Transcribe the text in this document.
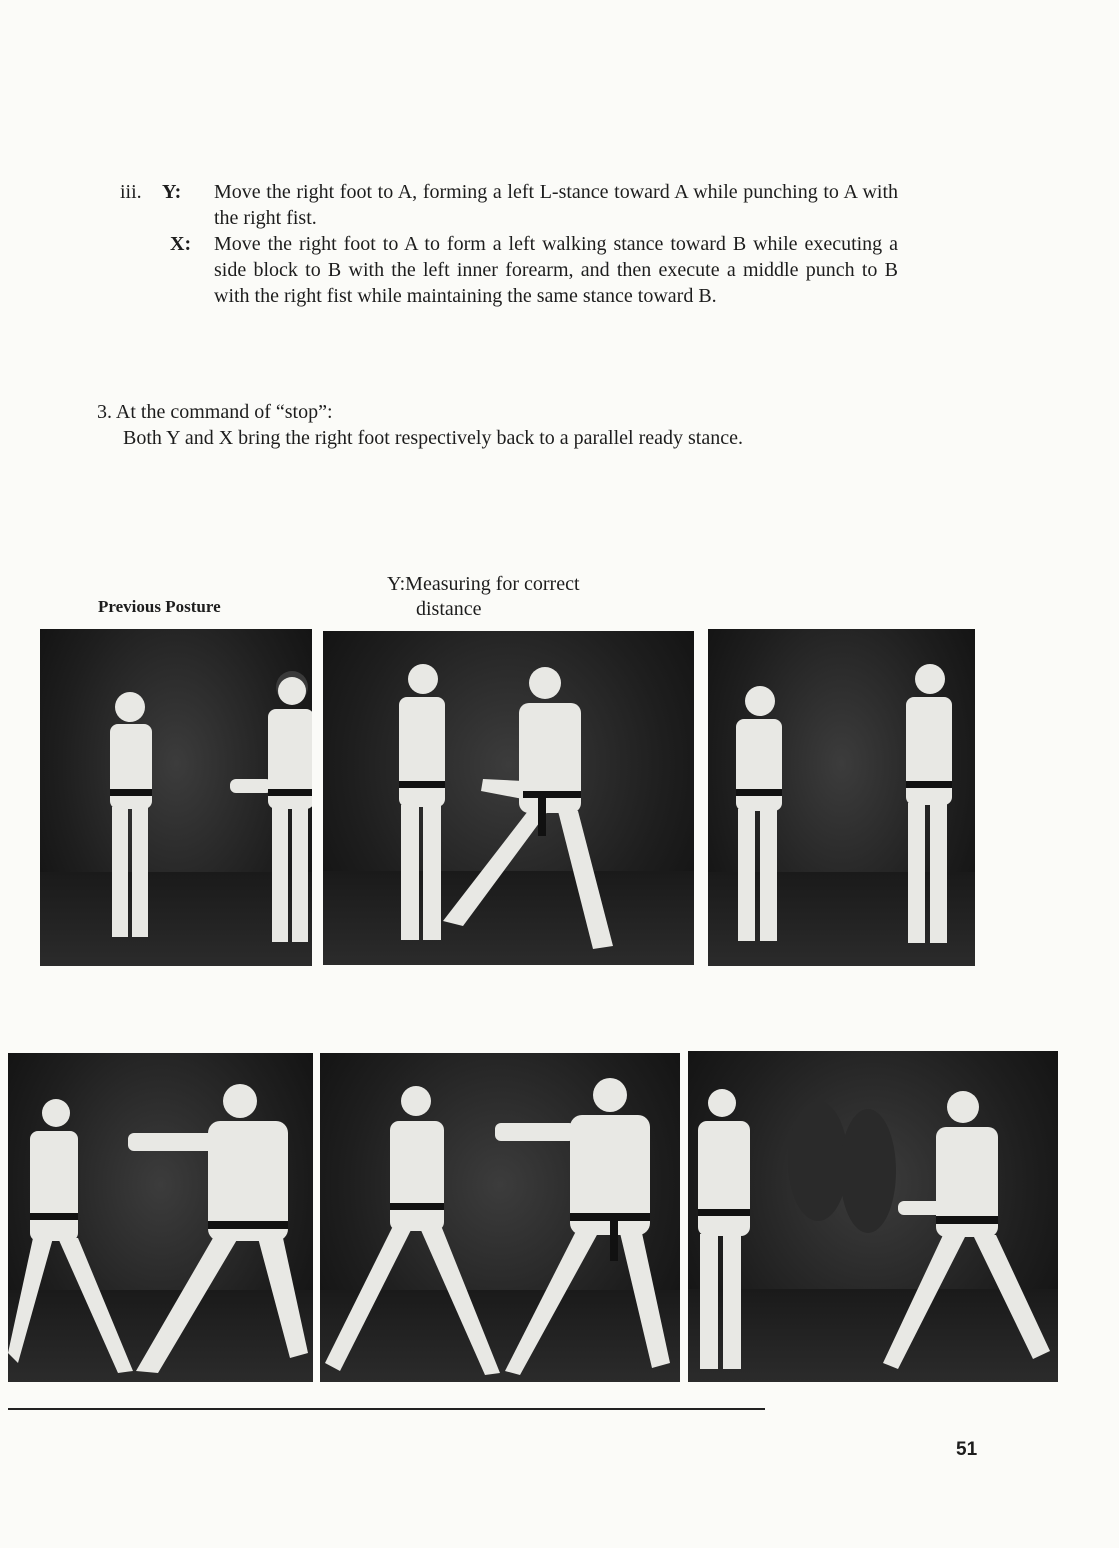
iii. Y: Move the right foot to A, forming a left L-stance toward A while punching to A with the right fist.
X: Move the right foot to A to form a left walking stance toward B while executing a side block to B with the left inner forearm, and then execute a middle punch to B with the right fist while maintaining the same stance toward B.
3. At the command of “stop”:
Both Y and X bring the right foot respectively back to a parallel ready stance.
Previous Posture
Y:Measuring for correct
distance
51
